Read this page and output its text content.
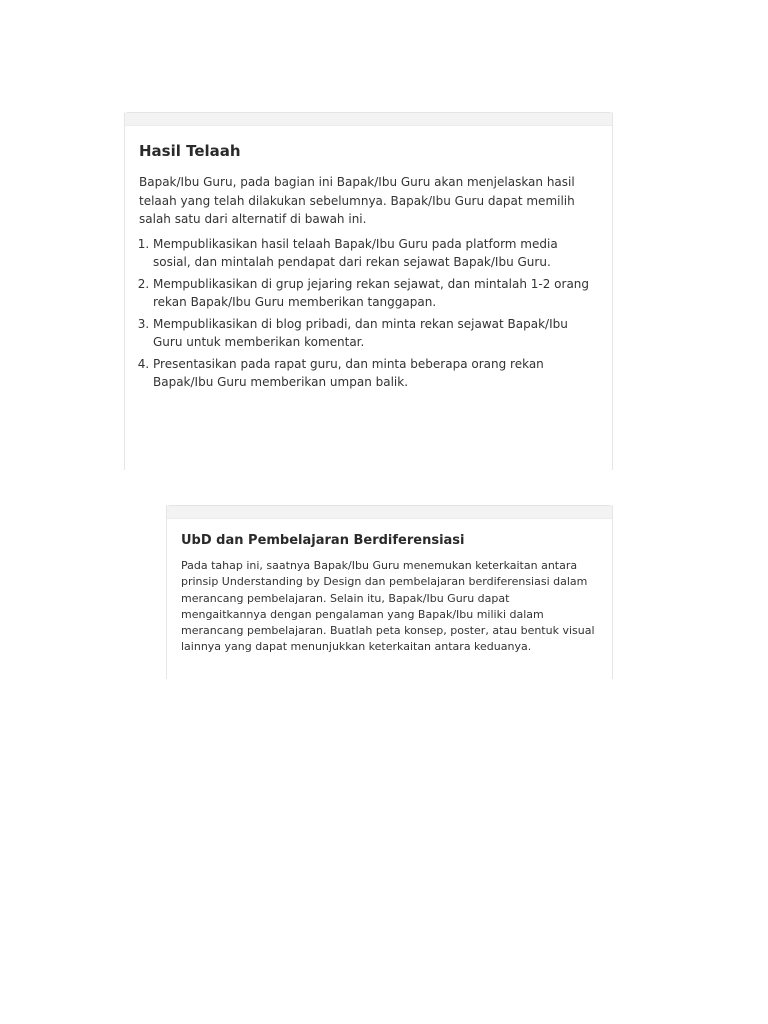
Hasil Telaah

Bapak/Ibu Guru, pada bagian ini Bapak/Ibu Guru akan menjelaskan hasil telaah yang telah dilakukan sebelumnya. Bapak/Ibu Guru dapat memilih salah satu dari alternatif di bawah ini.

1. Mempublikasikan hasil telaah Bapak/Ibu Guru pada platform media sosial, dan mintalah pendapat dari rekan sejawat Bapak/Ibu Guru.
2. Mempublikasikan di grup jejaring rekan sejawat, dan mintalah 1-2 orang rekan Bapak/Ibu Guru memberikan tanggapan.
3. Mempublikasikan di blog pribadi, dan minta rekan sejawat Bapak/Ibu Guru untuk memberikan komentar.
4. Presentasikan pada rapat guru, dan minta beberapa orang rekan Bapak/Ibu Guru memberikan umpan balik.
UbD dan Pembelajaran Berdiferensiasi

Pada tahap ini, saatnya Bapak/Ibu Guru menemukan keterkaitan antara prinsip Understanding by Design dan pembelajaran berdiferensiasi dalam merancang pembelajaran. Selain itu, Bapak/Ibu Guru dapat mengaitkannya dengan pengalaman yang Bapak/Ibu miliki dalam merancang pembelajaran. Buatlah peta konsep, poster, atau bentuk visual lainnya yang dapat menunjukkan keterkaitan antara keduanya.
